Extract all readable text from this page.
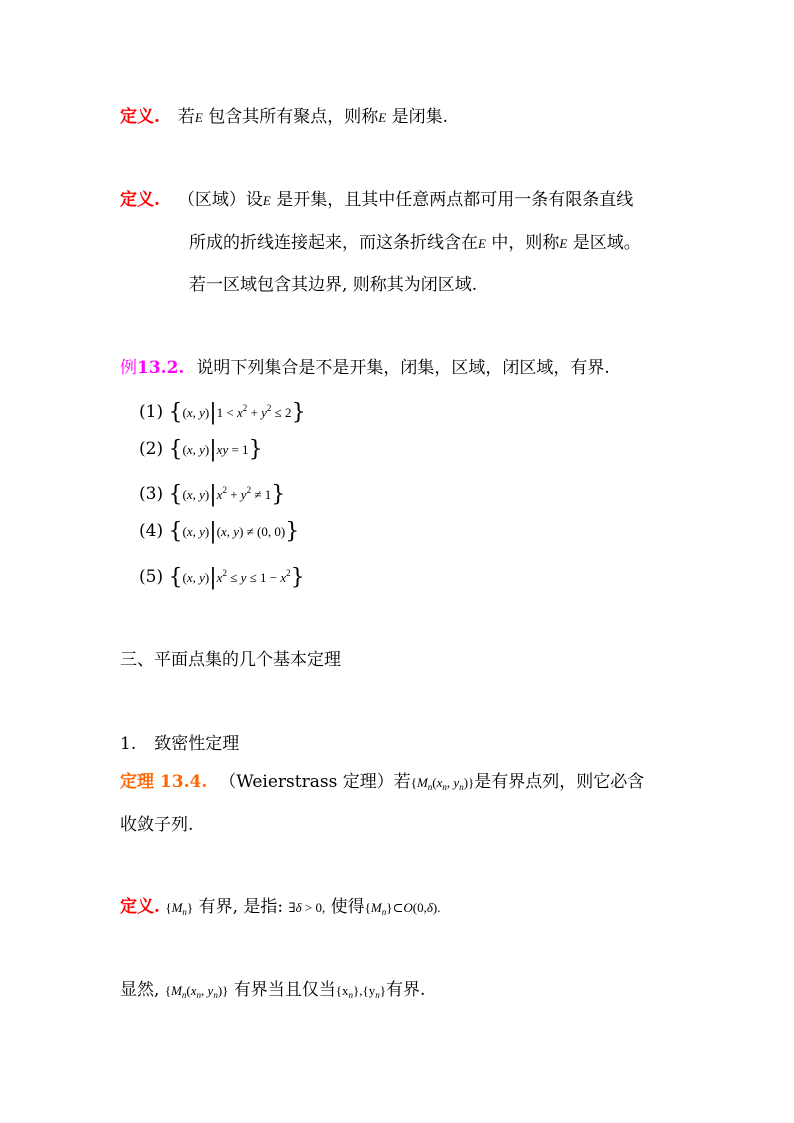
定义. 若E 包含其所有聚点，则称E 是闭集.
定义. （区域）设E 是开集，且其中任意两点都可用一条有限条直线
所成的折线连接起来，而这条折线含在E 中，则称E 是区域。
若一区域包含其边界, 则称其为闭区域.
例13.2. 说明下列集合是不是开集，闭集，区域，闭区域，有界.
(1) {(x, $y)|1 < x^2 + y^2 \le 2$}
(2) {(x, y)|xy = 1}
(3) {(x, $y)|x^2 + y^2 \ne 1$}
(4) {(x, y)|(x, y) ≠ (0, 0)}
(5) {(x, $y)|x^2 \le y \le 1 - x^2$}
三、平面点集的几个基本定理
1. 致密性定理
定理 13.4. （Weierstrass 定理）若{$M_n(x_n$, $y_n$)}是有界点列，则它必含
收敛子列.
定义. $\{M_n\}$ 有界, 是指: ∃δ > 0, 使得$\{M_n\}\subset O(0,\delta)$.
显然, {$M_n(x_n$, $y_n$)} 有界当且仅当$\{x_n\},\{y_n\}$有界.
